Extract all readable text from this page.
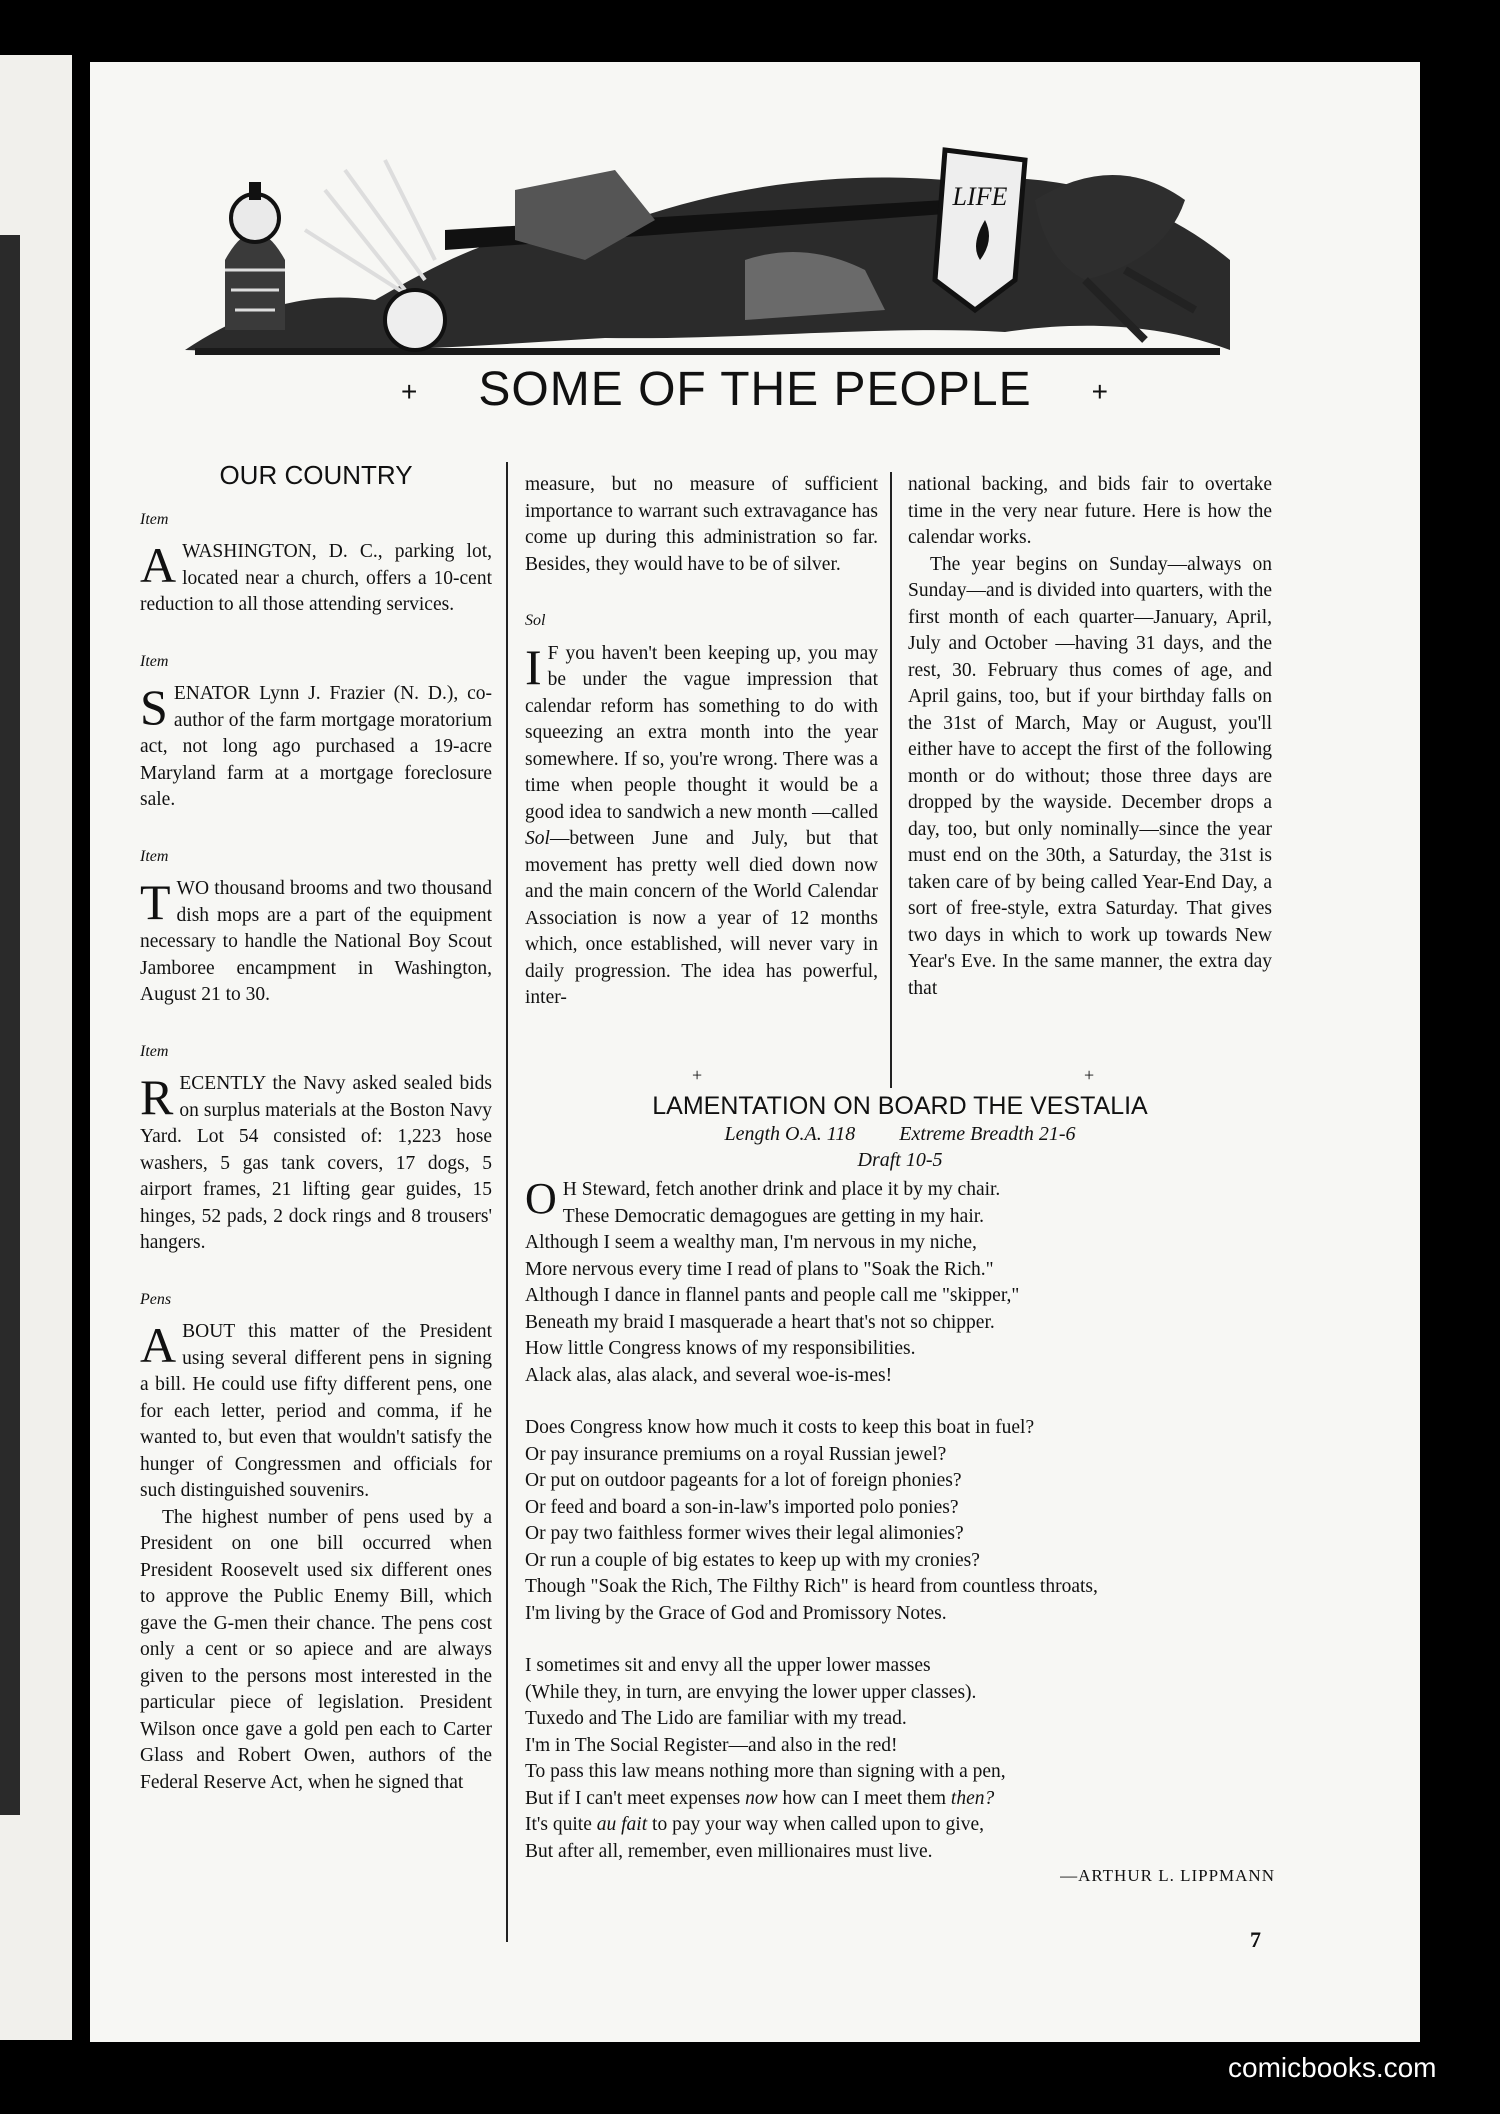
LIFE
+ SOME OF THE PEOPLE +
OUR COUNTRY
Item

A WASHINGTON, D. C., parking lot, located near a church, offers a 10-cent reduction to all those attending services.

Item

SENATOR Lynn J. Frazier (N. D.), co-author of the farm mortgage moratorium act, not long ago purchased a 19-acre Maryland farm at a mortgage foreclosure sale.

Item

TWO thousand brooms and two thousand dish mops are a part of the equipment necessary to handle the National Boy Scout Jamboree encampment in Washington, August 21 to 30.

Item

RECENTLY the Navy asked sealed bids on surplus materials at the Boston Navy Yard. Lot 54 consisted of: 1,223 hose washers, 5 gas tank covers, 17 dogs, 5 airport frames, 21 lifting gear guides, 15 hinges, 52 pads, 2 dock rings and 8 trousers' hangers.

Pens

ABOUT this matter of the President using several different pens in signing a bill. He could use fifty different pens, one for each letter, period and comma, if he wanted to, but even that wouldn't satisfy the hunger of Congressmen and officials for such distinguished souvenirs.

The highest number of pens used by a President on one bill occurred when President Roosevelt used six different ones to approve the Public Enemy Bill, which gave the G-men their chance. The pens cost only a cent or so apiece and are always given to the persons most interested in the particular piece of legislation. President Wilson once gave a gold pen each to Carter Glass and Robert Owen, authors of the Federal Reserve Act, when he signed that

measure, but no measure of sufficient importance to warrant such extravagance has come up during this administration so far. Besides, they would have to be of silver.

Sol

I F you haven't been keeping up, you may be under the vague impression that calendar reform has something to do with squeezing an extra month into the year somewhere. If so, you're wrong. There was a time when people thought it would be a good idea to sandwich a new month —called Sol—between June and July, but that movement has pretty well died down now and the main concern of the World Calendar Association is now a year of 12 months which, once established, will never vary in daily progression. The idea has powerful, inter-

national backing, and bids fair to overtake time in the very near future. Here is how the calendar works.

The year begins on Sunday—always on Sunday—and is divided into quarters, with the first month of each quarter—January, April, July and October —having 31 days, and the rest, 30. February thus comes of age, and April gains, too, but if your birthday falls on the 31st of March, May or August, you'll either have to accept the first of the following month or do without; those three days are dropped by the wayside. December drops a day, too, but only nominally—since the year must end on the 30th, a Saturday, the 31st is taken care of by being called Year-End Day, a sort of free-style, extra Saturday. That gives two days in which to work up towards New Year's Eve. In the same manner, the extra day that

+	+
LAMENTATION ON BOARD THE VESTALIA
Length O.A. 118 Extreme Breadth 21-6
Draft 10-5
O H Steward, fetch another drink and place it by my chair.
These Democratic demagogues are getting in my hair.
Although I seem a wealthy man, I'm nervous in my niche,
More nervous every time I read of plans to "Soak the Rich."
Although I dance in flannel pants and people call me "skipper,"
Beneath my braid I masquerade a heart that's not so chipper.
How little Congress knows of my responsibilities.
Alack alas, alas alack, and several woe-is-mes!
Does Congress know how much it costs to keep this boat in fuel?
Or pay insurance premiums on a royal Russian jewel?
Or put on outdoor pageants for a lot of foreign phonies?
Or feed and board a son-in-law's imported polo ponies?
Or pay two faithless former wives their legal alimonies?
Or run a couple of big estates to keep up with my cronies?
Though "Soak the Rich, The Filthy Rich" is heard from countless throats,
I'm living by the Grace of God and Promissory Notes.
I sometimes sit and envy all the upper lower masses
(While they, in turn, are envying the lower upper classes).
Tuxedo and The Lido are familiar with my tread.
I'm in The Social Register—and also in the red!
To pass this law means nothing more than signing with a pen,
But if I can't meet expenses now how can I meet them then?
It's quite au fait to pay your way when called upon to give,
But after all, remember, even millionaires must live.
—ARTHUR L. LIPPMANN
7
comicbooks.com
